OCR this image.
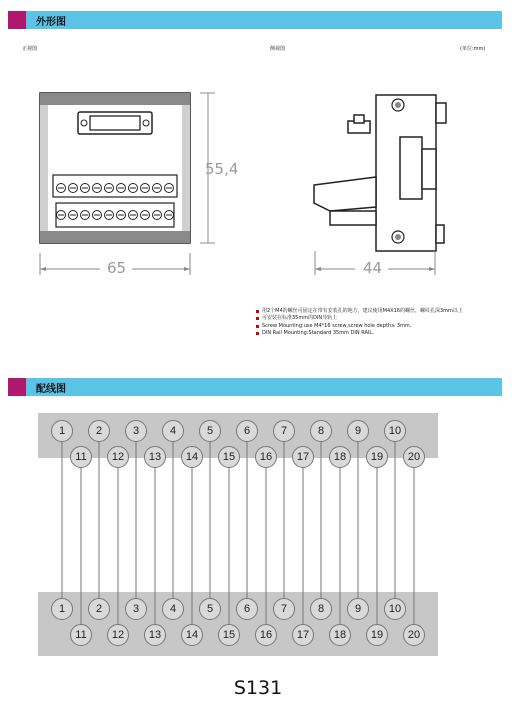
外形图
正视图	侧视图	(单位:mm)
55,4
65	44
用2个M4的螺丝可固定在带有安装孔的地方，建议使用M4X16的螺丝，螺纹孔深3mm以上
可安装在标准35mm的DIN导轨上
Screw Mounting:use M4*16 screw,screw hole depth≥ 3mm.
DIN Rail Mounting:Standard 35mm DIN RAIL.
配线图
1
1
2
2
3
3
4
4
5
5
6
6
7
7
8
8
9
9
10
10
11
11
12
12
13
13
14
14
15
15
16
16
17
17
18
18
19
19
20
20
S131
